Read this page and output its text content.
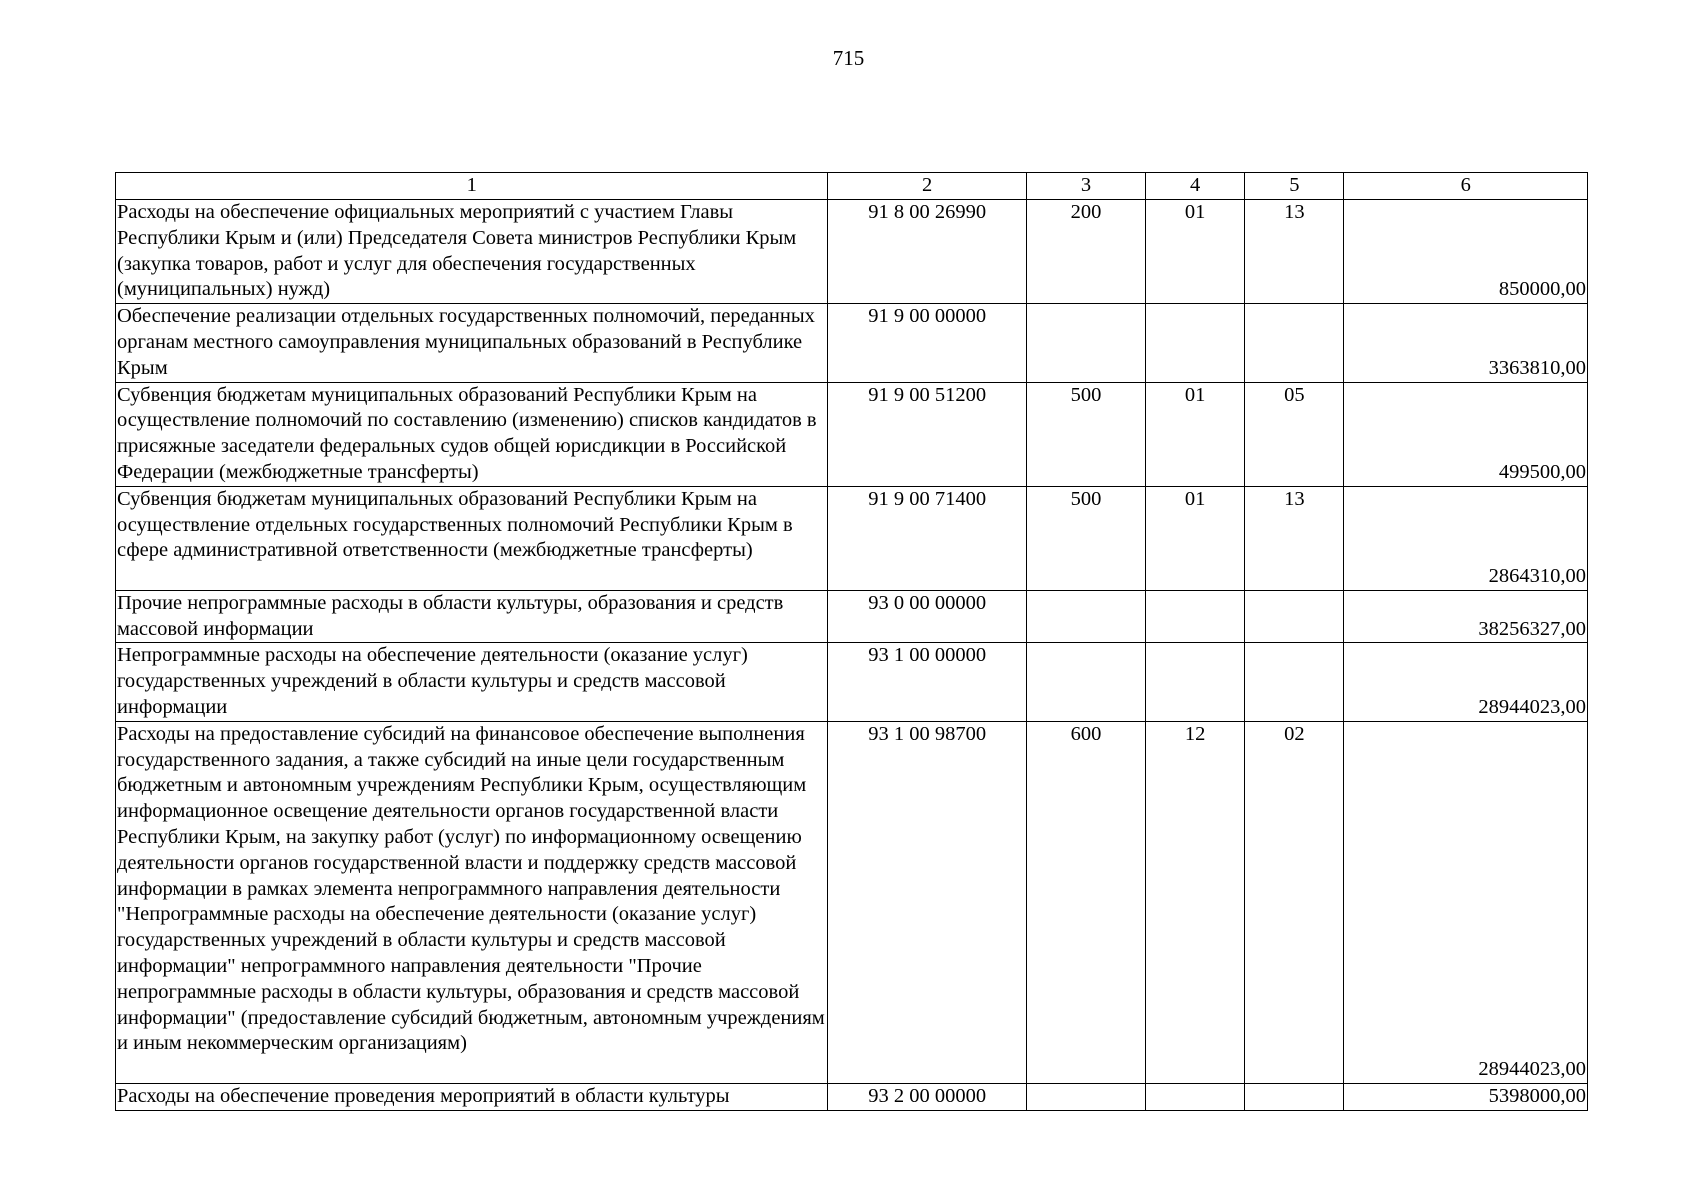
715
1	2	3	4	5	6
Расходы на обеспечение официальных мероприятий с участием Главы Республики Крым и (или) Председателя Совета министров Республики Крым (закупка товаров, работ и услуг для обеспечения государственных (муниципальных) нужд)	91 8 00 26990	200	01	13	850000,00
Обеспечение реализации отдельных государственных полномочий, переданных органам местного самоуправления муниципальных образований в Республике Крым	91 9 00 00000				3363810,00
Субвенция бюджетам муниципальных образований Республики Крым на осуществление полномочий по составлению (изменению) списков кандидатов в присяжные заседатели федеральных судов общей юрисдикции в Российской Федерации (межбюджетные трансферты)	91 9 00 51200	500	01	05	499500,00
Субвенция бюджетам муниципальных образований Республики Крым на осуществление отдельных государственных полномочий Республики Крым в сфере административной ответственности (межбюджетные трансферты)	91 9 00 71400	500	01	13	2864310,00
Прочие непрограммные расходы в области культуры, образования и средств массовой информации	93 0 00 00000				38256327,00
Непрограммные расходы на обеспечение деятельности (оказание услуг) государственных учреждений в области культуры и средств массовой информации	93 1 00 00000				28944023,00
Расходы на предоставление субсидий на финансовое обеспечение выполнения государственного задания, а также субсидий на иные цели государственным бюджетным и автономным учреждениям Республики Крым, осуществляющим информационное освещение деятельности органов государственной власти Республики Крым, на закупку работ (услуг) по информационному освещению деятельности органов государственной власти и поддержку средств массовой информации в рамках элемента непрограммного направления деятельности "Непрограммные расходы на обеспечение деятельности (оказание услуг) государственных учреждений в области культуры и средств массовой информации" непрограммного направления деятельности "Прочие непрограммные расходы в области культуры, образования и средств массовой информации" (предоставление субсидий бюджетным, автономным учреждениям и иным некоммерческим организациям)	93 1 00 98700	600	12	02	28944023,00
Расходы на обеспечение проведения мероприятий в области культуры	93 2 00 00000				5398000,00
